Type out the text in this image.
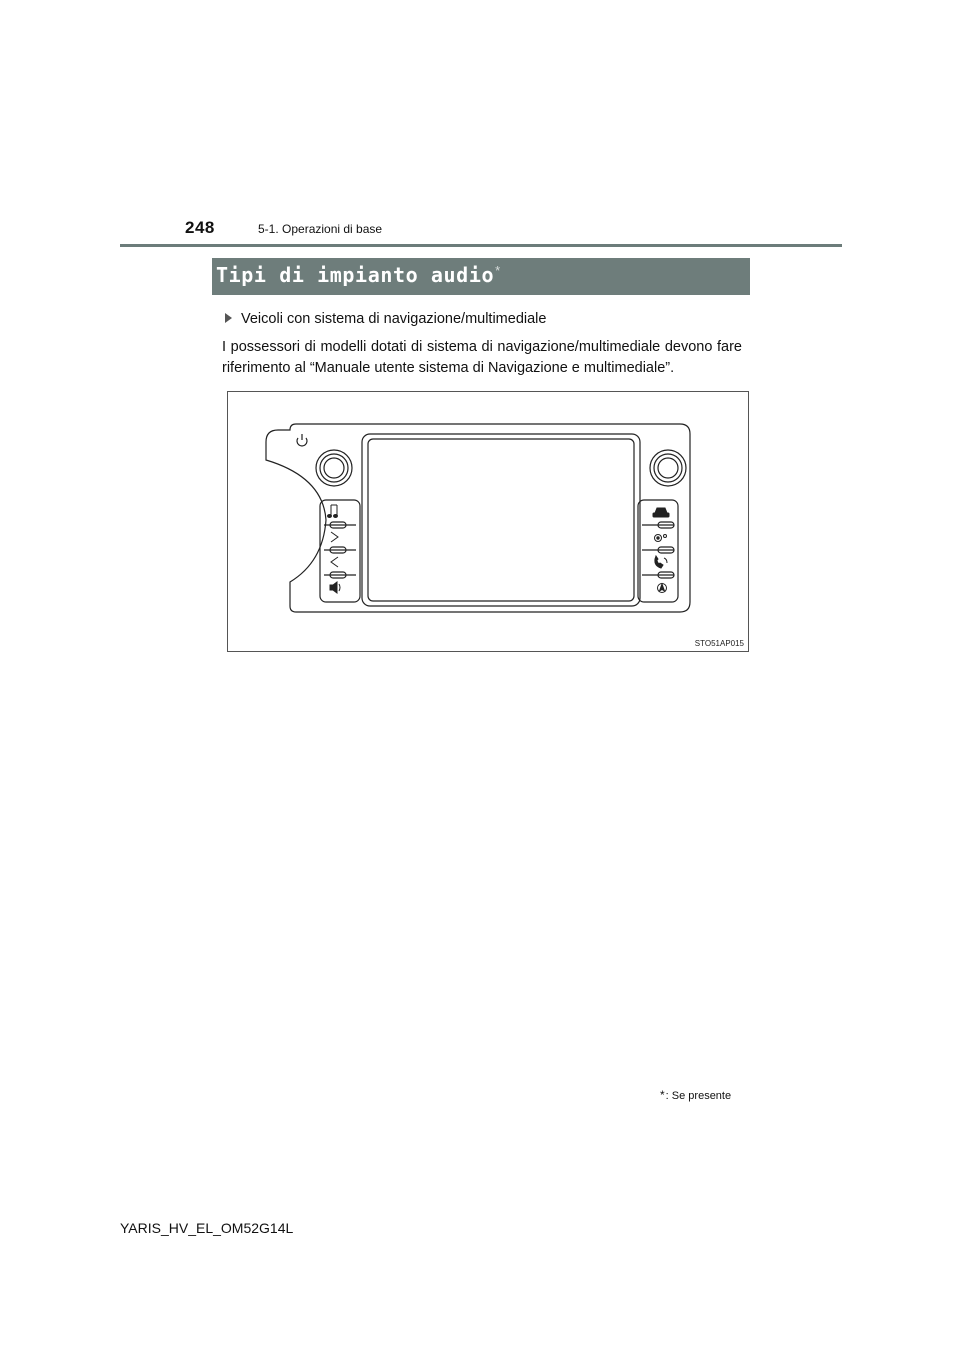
248	5-1. Operazioni di base
Tipi di impianto audio*
Veicoli con sistema di navigazione/multimediale

I possessori di modelli dotati di sistema di navigazione/multimediale devono fare riferimento al “Manuale utente sistema di Navigazione e multimediale”.

STO51AP015
*: Se presente
YARIS_HV_EL_OM52G14L
